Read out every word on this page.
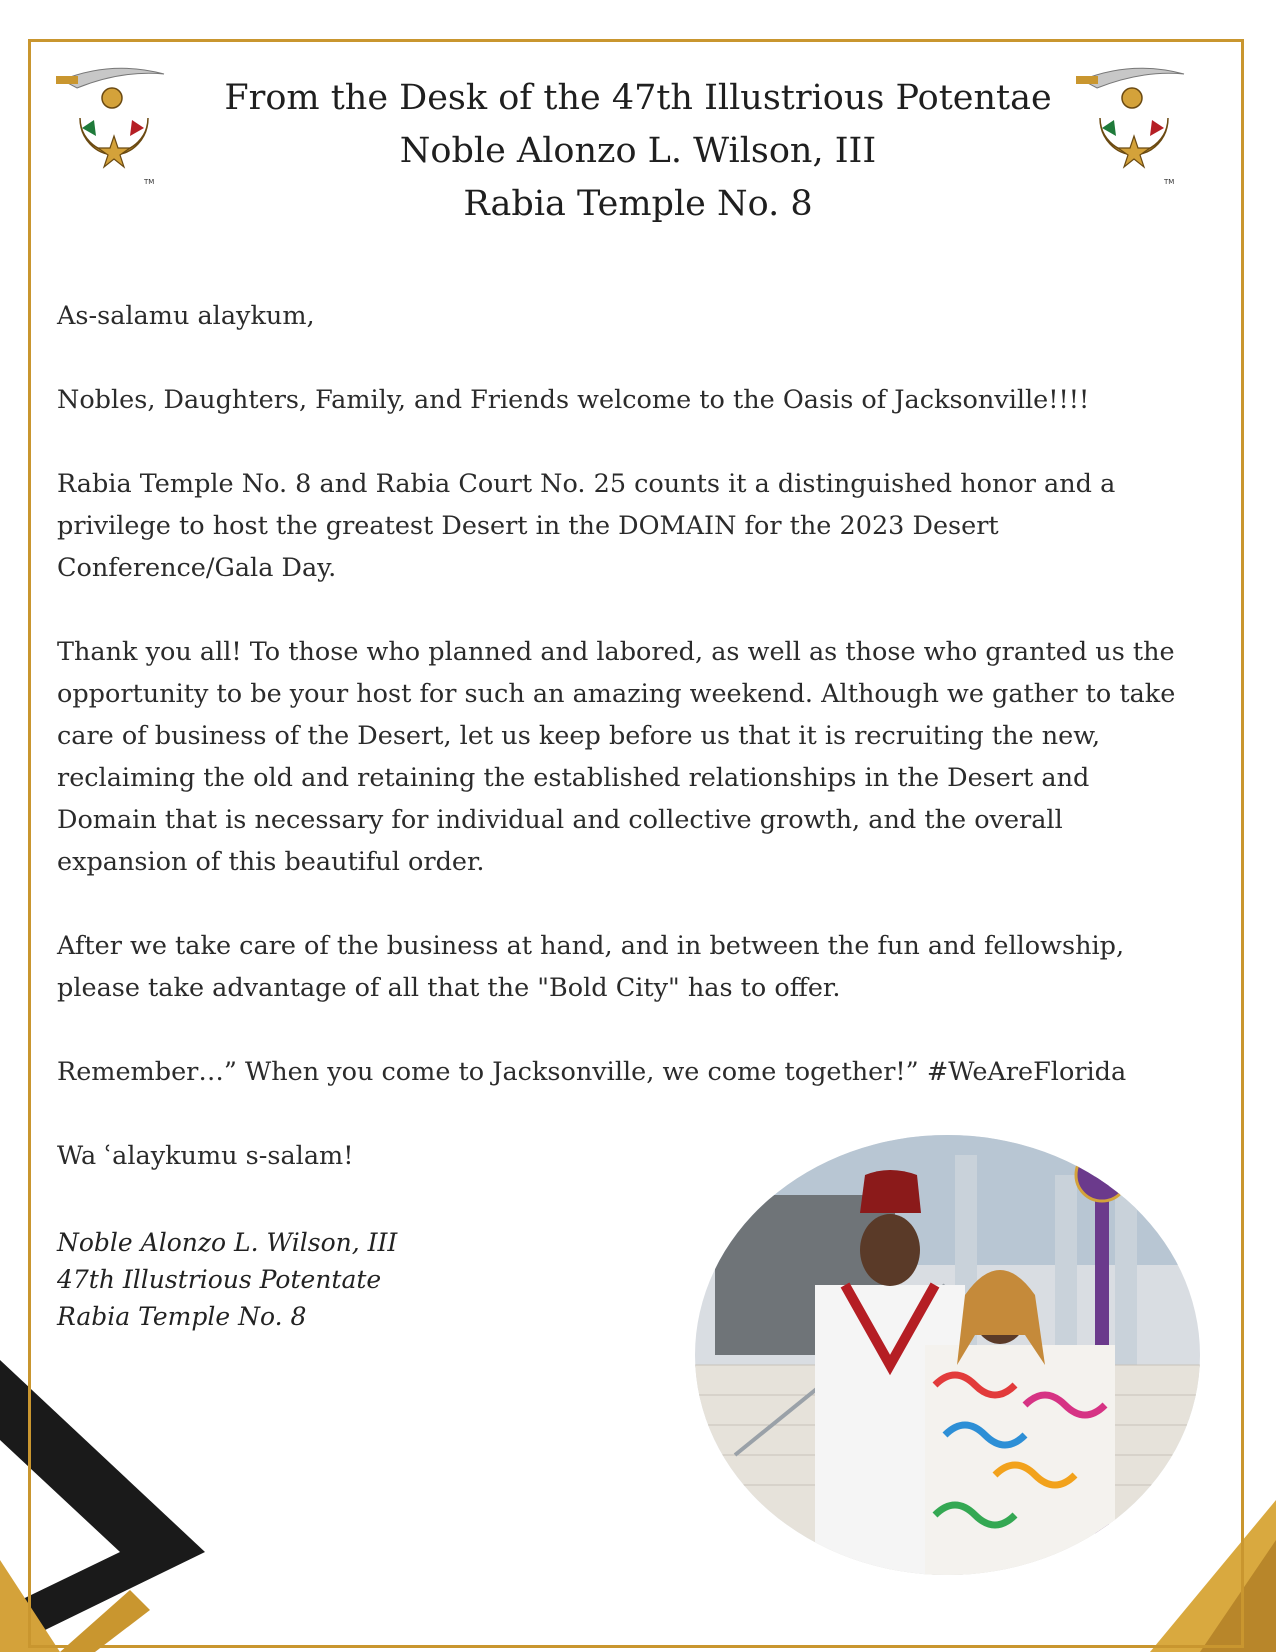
TM	TM
From the Desk of the 47th Illustrious Potentae
Noble Alonzo L. Wilson, III
Rabia Temple No. 8

As-salamu alaykum,

Nobles, Daughters, Family, and Friends welcome to the Oasis of Jacksonville!!!!

Rabia Temple No. 8 and Rabia Court No. 25 counts it a distinguished honor and a privilege to host the greatest Desert in the DOMAIN for the 2023 Desert Conference/Gala Day.

Thank you all! To those who planned and labored, as well as those who granted us the opportunity to be your host for such an amazing weekend. Although we gather to take care of business of the Desert, let us keep before us that it is recruiting the new, reclaiming the old and retaining the established relationships in the Desert and Domain that is necessary for individual and collective growth, and the overall expansion of this beautiful order.

After we take care of the business at hand, and in between the fun and fellowship, please take advantage of all that the "Bold City" has to offer.

Remember…” When you come to Jacksonville, we come together!” #WeAreFlorida

Wa ʿalaykumu s-salam!

Noble Alonzo L. Wilson, III
47th Illustrious Potentate
Rabia Temple No. 8
